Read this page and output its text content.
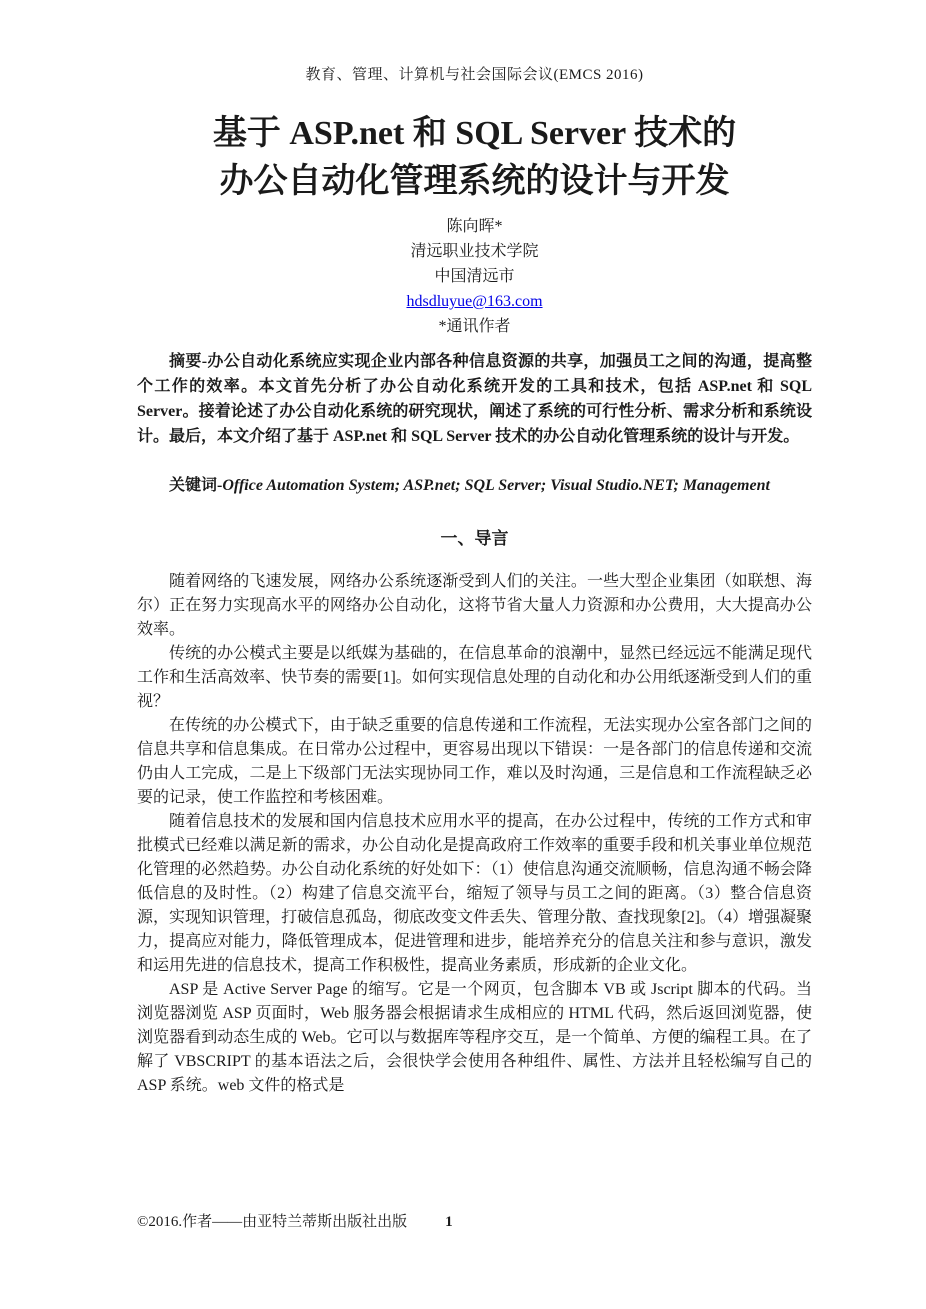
教育、管理、计算机与社会国际会议(EMCS 2016)
基于 ASP.net 和 SQL Server 技术的
办公自动化管理系统的设计与开发
陈向晖*
清远职业技术学院
中国清远市
hdsdluyue@163.com
*通讯作者
摘要-办公自动化系统应实现企业内部各种信息资源的共享，加强员工之间的沟通，提高整个工作的效率。本文首先分析了办公自动化系统开发的工具和技术，包括 ASP.net 和 SQL Server。接着论述了办公自动化系统的研究现状，阐述了系统的可行性分析、需求分析和系统设计。最后，本文介绍了基于 ASP.net 和 SQL Server 技术的办公自动化管理系统的设计与开发。
关键词-Office Automation System; ASP.net; SQL Server; Visual Studio.NET; Management
一、导言

随着网络的飞速发展，网络办公系统逐渐受到人们的关注。一些大型企业集团（如联想、海尔）正在努力实现高水平的网络办公自动化，这将节省大量人力资源和办公费用，大大提高办公效率。

传统的办公模式主要是以纸媒为基础的，在信息革命的浪潮中，显然已经远远不能满足现代工作和生活高效率、快节奏的需要[1]。如何实现信息处理的自动化和办公用纸逐渐受到人们的重视？

在传统的办公模式下，由于缺乏重要的信息传递和工作流程，无法实现办公室各部门之间的信息共享和信息集成。在日常办公过程中，更容易出现以下错误：一是各部门的信息传递和交流仍由人工完成，二是上下级部门无法实现协同工作，难以及时沟通，三是信息和工作流程缺乏必要的记录，使工作监控和考核困难。

随着信息技术的发展和国内信息技术应用水平的提高，在办公过程中，传统的工作方式和审批模式已经难以满足新的需求，办公自动化是提高政府工作效率的重要手段和机关事业单位规范化管理的必然趋势。办公自动化系统的好处如下：（1）使信息沟通交流顺畅，信息沟通不畅会降低信息的及时性。（2）构建了信息交流平台，缩短了领导与员工之间的距离。（3）整合信息资源，实现知识管理，打破信息孤岛，彻底改变文件丢失、管理分散、查找现象[2]。（4）增强凝聚力，提高应对能力，降低管理成本，促进管理和进步，能培养充分的信息关注和参与意识，激发和运用先进的信息技术，提高工作积极性，提高业务素质，形成新的企业文化。

ASP 是 Active Server Page 的缩写。它是一个网页，包含脚本 VB 或 Jscript 脚本的代码。当浏览器浏览 ASP 页面时，Web 服务器会根据请求生成相应的 HTML 代码，然后返回浏览器，使浏览器看到动态生成的 Web。它可以与数据库等程序交互，是一个简单、方便的编程工具。在了解了 VBSCRIPT 的基本语法之后，会很快学会使用各种组件、属性、方法并且轻松编写自己的 ASP 系统。web 文件的格式是

©2016.作者——由亚特兰蒂斯出版社出版	1
